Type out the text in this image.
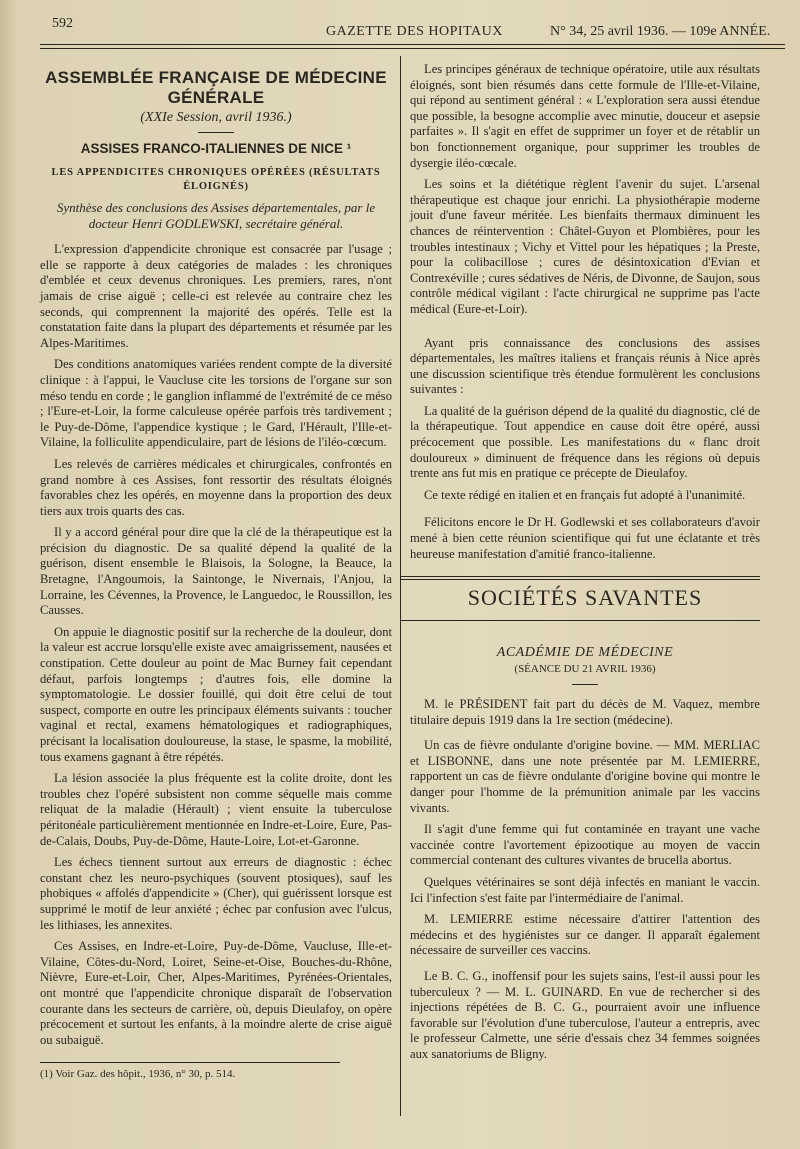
592
GAZETTE DES HOPITAUX	N° 34, 25 avril 1936. — 109e ANNÉE.
ASSEMBLÉE FRANÇAISE DE MÉDECINE GÉNÉRALE
(XXIe Session, avril 1936.)
ASSISES FRANCO-ITALIENNES DE NICE ¹
LES APPENDICITES CHRONIQUES OPÉRÉES (RÉSULTATS ÉLOIGNÉS)
Synthèse des conclusions des Assises départementales, par le docteur Henri GODLEWSKI, secrétaire général.

L'expression d'appendicite chronique est consacrée par l'usage ; elle se rapporte à deux catégories de malades : les chroniques d'emblée et ceux devenus chroniques. Les premiers, rares, n'ont jamais de crise aiguë ; celle-ci est relevée au contraire chez les seconds, qui comprennent la majorité des opérés. Telle est la constatation faite dans la plupart des départements et résumée par les Alpes-Maritimes.

Des conditions anatomiques variées rendent compte de la diversité clinique : à l'appui, le Vaucluse cite les torsions de l'organe sur son méso tendu en corde ; le ganglion inflammé de l'extrémité de ce méso ; l'Eure-et-Loir, la forme calculeuse opérée parfois très tardivement ; le Puy-de-Dôme, l'appendice kystique ; le Gard, l'Hérault, l'Ille-et-Vilaine, la folliculite appendiculaire, part de lésions de l'iléo-cœcum.

Les relevés de carrières médicales et chirurgicales, confrontés en grand nombre à ces Assises, font ressortir des résultats éloignés favorables chez les opérés, en moyenne dans la proportion des deux tiers aux trois quarts des cas.

Il y a accord général pour dire que la clé de la thérapeutique est la précision du diagnostic. De sa qualité dépend la qualité de la guérison, disent ensemble le Blaisois, la Sologne, la Beauce, la Bretagne, l'Angoumois, la Saintonge, le Nivernais, l'Anjou, la Lorraine, les Cévennes, la Provence, le Languedoc, le Roussillon, les Causses.

On appuie le diagnostic positif sur la recherche de la douleur, dont la valeur est accrue lorsqu'elle existe avec amaigrissement, nausées et constipation. Cette douleur au point de Mac Burney fait cependant défaut, parfois longtemps ; d'autres fois, elle domine la symptomatologie. Le dossier fouillé, qui doit être celui de tout suspect, comporte en outre les principaux éléments suivants : toucher vaginal et rectal, examens hématologiques et radiographiques, précisant la localisation douloureuse, la stase, le spasme, la mobilité, tous examens gagnant à être répétés.

La lésion associée la plus fréquente est la colite droite, dont les troubles chez l'opéré subsistent non comme séquelle mais comme reliquat de la maladie (Hérault) ; vient ensuite la tuberculose péritonéale particulièrement mentionnée en Indre-et-Loire, Eure, Pas-de-Calais, Doubs, Puy-de-Dôme, Haute-Loire, Lot-et-Garonne.

Les échecs tiennent surtout aux erreurs de diagnostic : échec constant chez les neuro-psychiques (souvent ptosiques), sauf les phobiques « affolés d'appendicite » (Cher), qui guérissent lorsque est supprimé le motif de leur anxiété ; échec par confusion avec l'ulcus, les lithiases, les annexites.

Ces Assises, en Indre-et-Loire, Puy-de-Dôme, Vaucluse, Ille-et-Vilaine, Côtes-du-Nord, Loiret, Seine-et-Oise, Bouches-du-Rhône, Nièvre, Eure-et-Loir, Cher, Alpes-Maritimes, Pyrénées-Orientales, ont montré que l'appendicite chronique disparaît de l'observation courante dans les secteurs de carrière, où, depuis Dieulafoy, on opère précocement et surtout les enfants, à la moindre alerte de crise aiguë ou subaiguë.

(1) Voir Gaz. des hôpit., 1936, n° 30, p. 514.

Les principes généraux de technique opératoire, utile aux résultats éloignés, sont bien résumés dans cette formule de l'Ille-et-Vilaine, qui répond au sentiment général : « L'exploration sera aussi étendue que possible, la besogne accomplie avec minutie, douceur et asepsie parfaites ». Il s'agit en effet de supprimer un foyer et de rétablir un bon fonctionnement organique, pour supprimer les troubles de dysergie iléo-cœcale.

Les soins et la diététique règlent l'avenir du sujet. L'arsenal thérapeutique est chaque jour enrichi. La physiothérapie moderne jouit d'une faveur méritée. Les bienfaits thermaux diminuent les chances de réintervention : Châtel-Guyon et Plombières, pour les troubles intestinaux ; Vichy et Vittel pour les hépatiques ; la Preste, pour la colibacillose ; cures de désintoxication d'Evian et Contrexéville ; cures sédatives de Néris, de Divonne, de Saujon, sous contrôle médical vigilant : l'acte chirurgical ne supprime pas l'acte médical (Eure-et-Loir).

Ayant pris connaissance des conclusions des assises départementales, les maîtres italiens et français réunis à Nice après une discussion scientifique très étendue formulèrent les conclusions suivantes :

La qualité de la guérison dépend de la qualité du diagnostic, clé de la thérapeutique. Tout appendice en cause doit être opéré, aussi précocement que possible. Les manifestations du « flanc droit douloureux » diminuent de fréquence dans les régions où depuis trente ans fut mis en pratique ce précepte de Dieulafoy.

Ce texte rédigé en italien et en français fut adopté à l'unanimité.

Félicitons encore le Dr H. Godlewski et ses collaborateurs d'avoir mené à bien cette réunion scientifique qui fut une éclatante et très heureuse manifestation d'amitié franco-italienne.

SOCIÉTÉS SAVANTES
ACADÉMIE DE MÉDECINE
(SÉANCE DU 21 AVRIL 1936)

M. le PRÉSIDENT fait part du décès de M. Vaquez, membre titulaire depuis 1919 dans la 1re section (médecine).

Un cas de fièvre ondulante d'origine bovine. — MM. MERLIAC et LISBONNE, dans une note présentée par M. LEMIERRE, rapportent un cas de fièvre ondulante d'origine bovine qui montre le danger pour l'homme de la prémunition animale par les vaccins vivants.

Il s'agit d'une femme qui fut contaminée en trayant une vache vaccinée contre l'avortement épizootique au moyen de vaccin commercial contenant des cultures vivantes de brucella abortus.

Quelques vétérinaires se sont déjà infectés en maniant le vaccin. Ici l'infection s'est faite par l'intermédiaire de l'animal.

M. LEMIERRE estime nécessaire d'attirer l'attention des médecins et des hygiénistes sur ce danger. Il apparaît également nécessaire de surveiller ces vaccins.

Le B. C. G., inoffensif pour les sujets sains, l'est-il aussi pour les tuberculeux ? — M. L. GUINARD. En vue de rechercher si des injections répétées de B. C. G., pourraient avoir une influence favorable sur l'évolution d'une tuberculose, l'auteur a entrepris, avec le professeur Calmette, une série d'essais chez 34 femmes soignées aux sanatoriums de Bligny.
